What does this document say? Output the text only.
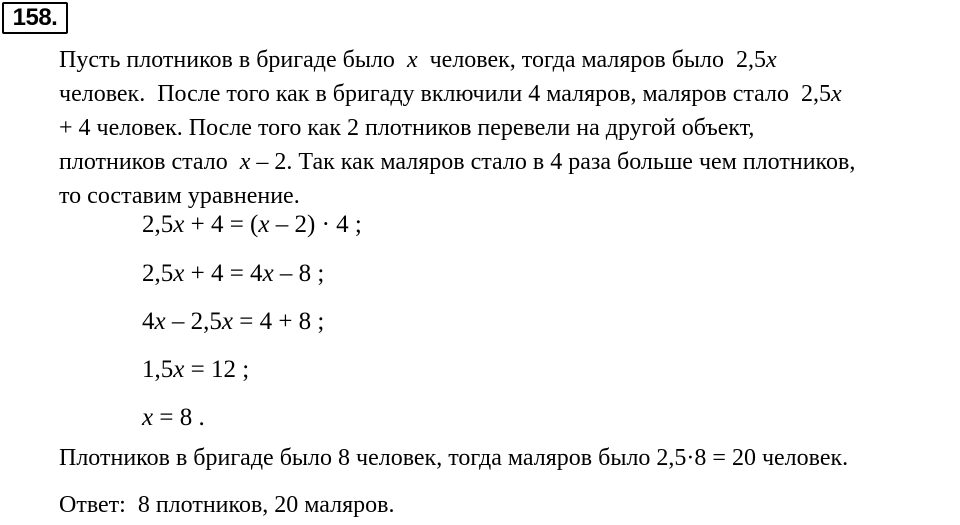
158.
Пусть плотников в бригаде было  x  человек, тогда маляров было  2,5x
человек.  После того как в бригаду включили 4 маляров, маляров стало  2,5x
+ 4 человек. После того как 2 плотников перевели на другой объект,
плотников стало  x – 2. Так как маляров стало в 4 раза больше чем плотников,
то составим уравнение.
2,5x + 4 = (x – 2) · 4 ;
2,5x + 4 = 4x – 8 ;
4x – 2,5x = 4 + 8 ;
1,5x = 12 ;
x = 8 .
Плотников в бригаде было 8 человек, тогда маляров было 2,5·8 = 20 человек.
Ответ:  8 плотников, 20 маляров.
